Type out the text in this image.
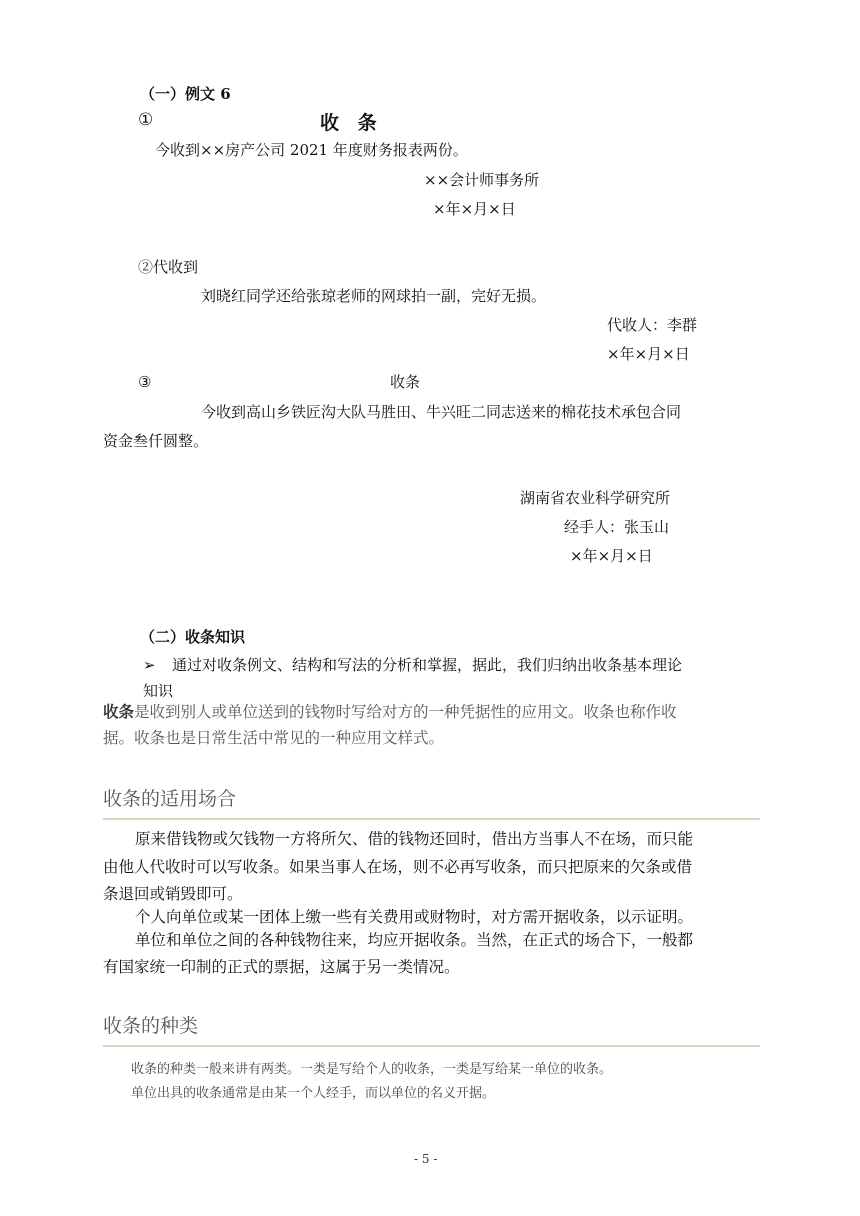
（一）例文 6
①	收 条
今收到××房产公司 2021 年度财务报表两份。
××会计师事务所
×年×月×日
②代收到
刘晓红同学还给张琼老师的网球拍一副，完好无损。
代收人：李群
×年×月×日
③	收条
今收到高山乡铁匠沟大队马胜田、牛兴旺二同志送来的棉花技术承包合同
资金叁仟圆整。
湖南省农业科学研究所
经手人：张玉山
×年×月×日
（二）收条知识
➢ 通过对收条例文、结构和写法的分析和掌握，据此，我们归纳出收条基本理论
知识
收条是收到别人或单位送到的钱物时写给对方的一种凭据性的应用文。收条也称作收
据。收条也是日常生活中常见的一种应用文样式。
收条的适用场合
原来借钱物或欠钱物一方将所欠、借的钱物还回时，借出方当事人不在场，而只能
由他人代收时可以写收条。如果当事人在场，则不必再写收条，而只把原来的欠条或借
条退回或销毁即可。
个人向单位或某一团体上缴一些有关费用或财物时，对方需开据收条，以示证明。
单位和单位之间的各种钱物往来，均应开据收条。当然，在正式的场合下，一般都
有国家统一印制的正式的票据，这属于另一类情况。
收条的种类
收条的种类一般来讲有两类。一类是写给个人的收条，一类是写给某一单位的收条。
单位出具的收条通常是由某一个人经手，而以单位的名义开据。
- 5 -
